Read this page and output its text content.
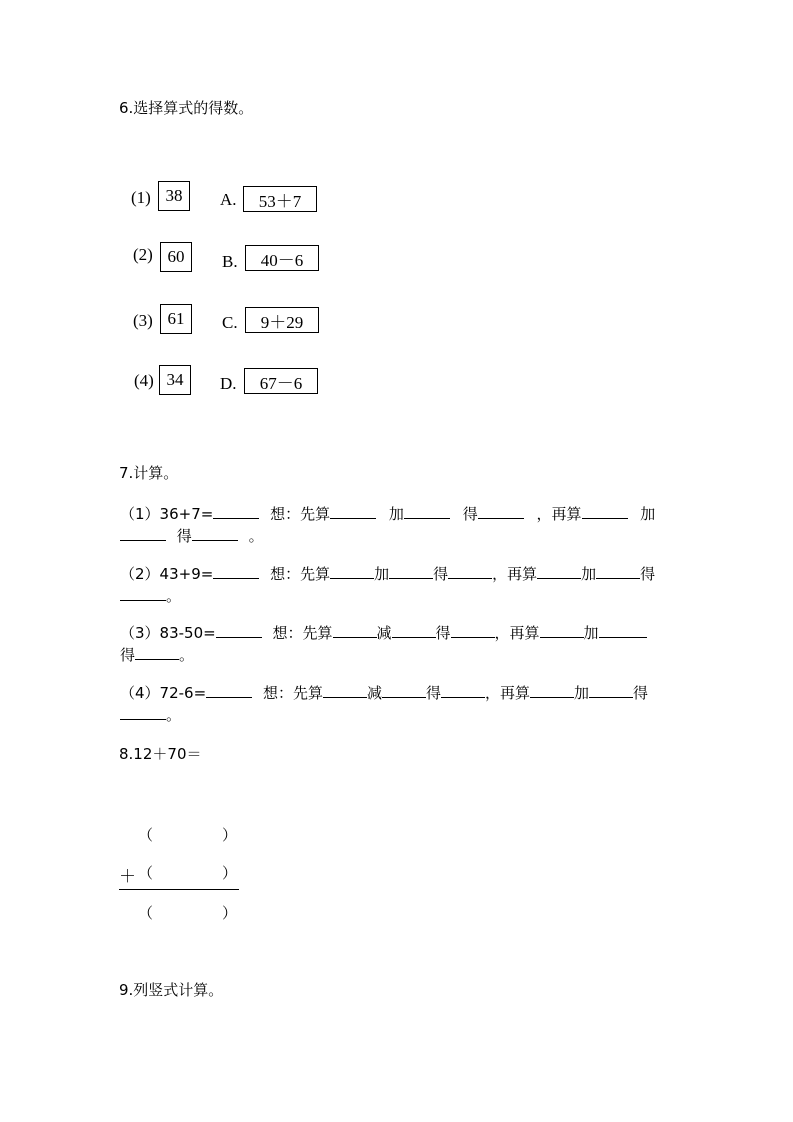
6.选择算式的得数。
(1) 38 A. 53＋7
(2) 60 B. 40－6
(3) 61 C. 9＋29
(4) 34 D. 67－6
7.计算。
（1）36+7=	想：先算	加	得	，再算	加
得	。
（2）43+9=	想：先算	加	得	，再算	加	得
。
（3）83-50=	想：先算	减	得	，再算	加
得	。
（4）72-6=	想：先算	减	得	，再算	加	得
。
8.12＋70＝
（	）
＋ （	）
（	）
9.列竖式计算。
